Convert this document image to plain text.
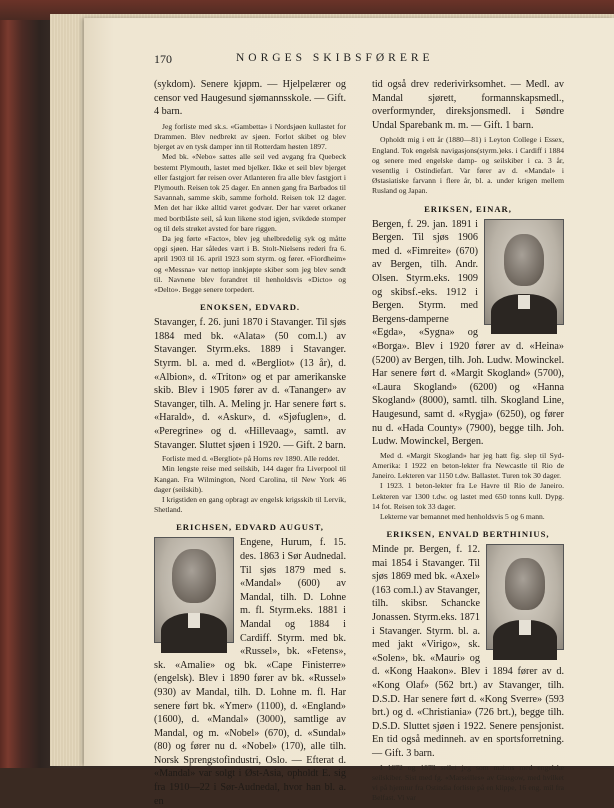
170	NORGES SKIBSFØRERE

(sykdom). Senere kjøpm. — Hjelpelærer og censor ved Haugesund sjømannsskole. — Gift. 4 barn.

Jeg forliste med sk.s. «Gambetta» i Nordsjøen kullastet for Drammen. Blev nedbrekt av sjøen. Forlot skibet og blev bjerget av en tysk damper inn til Rotterdam høsten 1897.

Med bk. «Nebo» sattes alle seil ved avgang fra Quebeck bestemt Plymouth, lastet med bjelker. Ikke et seil blev bjerget eller fastgjort før reisen over Atlanteren fra alle blev fastgjort i Plymouth. Reisen tok 25 dager. En annen gang fra Barbados til Savannah, samme skib, samme forhold. Reisen tok 12 dager. Men det har ikke alltid været godvær. Der har været orkaner med bortblåste seil, så kun likene stod igjen, svikdede stomper og til dels strøket avsted for bare riggen.

Da jeg førte «Facto», blev jeg uhelbredelig syk og måtte opgi sjøen. Har således vært i B. Stolt-Nielsens rederi fra 6. april 1903 til 16. april 1923 som styrm. og fører. «Fiordheim» og «Messna» var nettop innkjøpte skiber som jeg blev sendt til. Navnene blev forandret til henholdsvis «Dicto» og «Delto». Begge senere torpedert.

ENOKSEN, EDVARD.

Stavanger, f. 26. juni 1870 i Stavanger. Til sjøs 1884 med bk. «Alata» (50 com.l.) av Stavanger. Styrm.eks. 1889 i Stavanger. Styrm. bl. a. med d. «Bergliot» (13 år), d. «Albion», d. «Triton» og et par amerikanske skib. Blev i 1905 fører av d. «Tananger» av Stavanger, tilh. A. Meling jr. Har senere ført s. «Harald», d. «Askur», d. «Sjøfuglen», d. «Peregrine» og d. «Hillevaag», samtl. av Stavanger. Sluttet sjøen i 1920. — Gift. 2 barn.

Forliste med d. «Bergliot» på Horns rev 1890. Alle reddet.

Min lengste reise med seilskib, 144 dager fra Liverpool til Kangan. Fra Wilmington, Nord Carolina, til New York 46 dager (seilskib).

I krigstiden en gang opbragt av engelsk krigsskib til Lervik, Shetland.

ERICHSEN, EDVARD AUGUST,

Engene, Hurum, f. 15. des. 1863 i Sør Audnedal. Til sjøs 1879 med s. «Mandal» (600) av Mandal, tilh. D. Lohne m. fl. Styrm.eks. 1881 i Mandal og 1884 i Cardiff. Styrm. med bk. «Russel», bk. «Fetens», sk. «Amalie» og bk. «Cape Finisterre» (engelsk). Blev i 1890 fører av bk. «Russel» (930) av Mandal, tilh. D. Lohne m. fl. Har senere ført bk. «Ymer» (1100), d. «England» (1600), d. «Mandal» (3000), samtlige av Mandal, og m. «Nobel» (670), d. «Sundal» (80) og fører nu d. «Nobel» (170), alle tilh. Norsk Sprengstofindustri, Oslo. — Efterat d. «Mandal» var solgt i Øst-Asia, opholdt E. sig fra 1910—22 i Sør-Audnedal, hvor han bl. a. en

tid også drev rederivirksomhet. — Medl. av Mandal sjørett, formannskapsmedl., overformynder, direksjonsmedl. i Søndre Undal Sparebank m. m. — Gift. 1 barn.

Opholdt mig i ett år (1880—81) i Leyton College i Essex, England. Tok engelsk navigasjons(styrm.)eks. i Cardiff i 1884 og senere med engelske damp- og seilskiber i ca. 3 år, vesentlig i Ostindiefart. Var fører av d. «Mandal» i Østasiatiske farvann i flere år, bl. a. under krigen mellem Rusland og Japan.

ERIKSEN, EINAR,

Bergen, f. 29. jan. 1891 i Bergen. Til sjøs 1906 med d. «Fimreite» (670) av Bergen, tilh. Andr. Olsen. Styrm.eks. 1909 og skibsf.-eks. 1912 i Bergen. Styrm. med Bergens-damperne «Egda», «Sygna» og «Borga». Blev i 1920 fører av d. «Heina» (5200) av Bergen, tilh. Joh. Ludw. Mowinckel. Har senere ført d. «Margit Skogland» (5700), «Laura Skogland» (6200) og «Hanna Skogland» (8000), samtl. tilh. Skogland Line, Haugesund, samt d. «Rygja» (6250), og fører nu d. «Hada County» (7900), begge tilh. Joh. Ludw. Mowinckel, Bergen.

Med d. «Margit Skogland» har jeg hatt fig. slep til Syd-Amerika: I 1922 en beton-lekter fra Newcastle til Rio de Janeiro. Lekteren var 1150 t.dw. Ballastet. Turen tok 30 dager.

I 1923. 1 beton-lekter fra Le Havre til Rio de Janeiro. Lekteren var 1300 t.dw. og lastet med 650 tonns kull. Dypg. 14 fot. Reisen tok 33 dager.

Lekterne var bemannet med henholdsvis 5 og 6 mann.

ERIKSEN, ENVALD BERTHINIUS,

Minde pr. Bergen, f. 12. mai 1854 i Stavanger. Til sjøs 1869 med bk. «Axel» (163 com.l.) av Stavanger, tilh. skibsr. Schancke Jonassen. Styrm.eks. 1871 i Stavanger. Styrm. bl. a. med jakt «Virigo», sk. «Solen», bk. «Mauri» og d. «Kong Haakon». Blev i 1894 fører av d. «Kong Olaf» (562 brt.) av Stavanger, tilh. D.S.D. Har senere ført d. «Kong Sverre» (593 brt.) og d. «Christiania» (726 brt.), begge tilh. D.S.D. Sluttet sjøen i 1922. Senere pensjonist. En tid også medinneh. av en sportsforretning. — Gift. 3 barn.

I 1872 og 1873 seilet jeg som matros med engelske seilskiber. Sist med fg. «Marseilles» av Glasgow, med hvilket vi på hjemtur fra Ostindia forliste på en klippe, 16 eng. mil fra Belfast. Vi var
